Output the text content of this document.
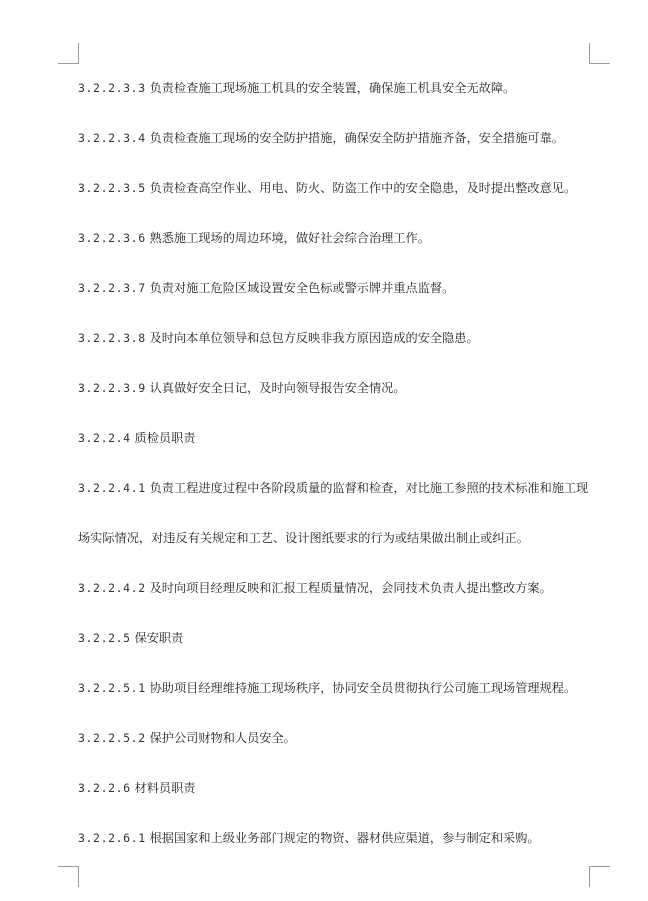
3.2.2.3.3 负责检查施工现场施工机具的安全装置，确保施工机具安全无故障。

3.2.2.3.4 负责检查施工现场的安全防护措施，确保安全防护措施齐备，安全措施可靠。

3.2.2.3.5 负责检查高空作业、用电、防火、防盗工作中的安全隐患，及时提出整改意见。

3.2.2.3.6 熟悉施工现场的周边环境，做好社会综合治理工作。

3.2.2.3.7 负责对施工危险区域设置安全色标或警示牌并重点监督。

3.2.2.3.8 及时向本单位领导和总包方反映非我方原因造成的安全隐患。

3.2.2.3.9 认真做好安全日记，及时向领导报告安全情况。

3.2.2.4 质检员职责

3.2.2.4.1 负责工程进度过程中各阶段质量的监督和检查，对比施工参照的技术标准和施工现

场实际情况，对违反有关规定和工艺、设计图纸要求的行为或结果做出制止或纠正。

3.2.2.4.2 及时向项目经理反映和汇报工程质量情况，会同技术负责人提出整改方案。

3.2.2.5 保安职责

3.2.2.5.1 协助项目经理维持施工现场秩序，协同安全员贯彻执行公司施工现场管理规程。

3.2.2.5.2 保护公司财物和人员安全。

3.2.2.6 材料员职责

3.2.2.6.1 根据国家和上级业务部门规定的物资、器材供应渠道，参与制定和采购。
